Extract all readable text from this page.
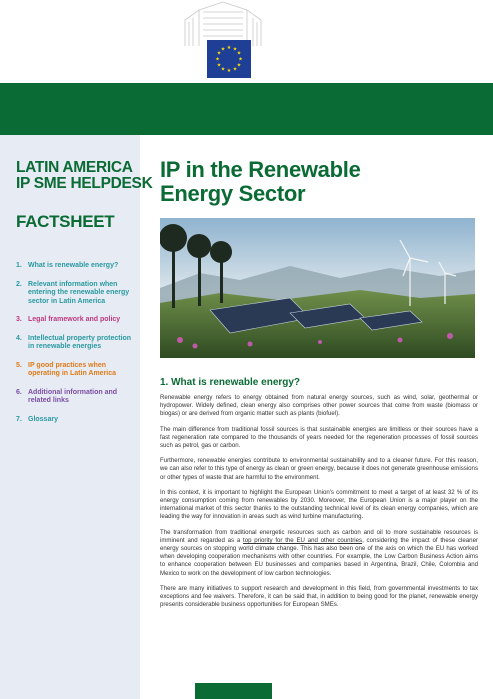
★ ★
★
★
★
★
★
★
★
★
★
★

LATIN AMERICA
IP SME HELPDESK
FACTSHEET
1. What is renewable energy?
2. Relevant information when entering the renewable energy sector in Latin America
3. Legal framework and policy
4. Intellectual property protection in renewable energies
5. IP good practices when operating in Latin America
6. Additional information and related links
7. Glossary
IP in the Renewable
Energy Sector
1. What is renewable energy?

Renewable energy refers to energy obtained from natural energy sources, such as wind, solar, geothermal or hydropower. Widely defined, clean energy also comprises other power sources that come from waste (biomass or biogas) or are derived from organic matter such as plants (biofuel).

The main difference from traditional fossil sources is that sustainable energies are limitless or their sources have a fast regeneration rate compared to the thousands of years needed for the regeneration processes of fossil sources such as petrol, gas or carbon.

Furthermore, renewable energies contribute to environmental sustainability and to a cleaner future. For this reason, we can also refer to this type of energy as clean or green energy, because it does not generate greenhouse emissions or other types of waste that are harmful to the environment.

In this context, it is important to highlight the European Union's commitment to meet a target of at least 32 % of its energy consumption coming from renewables by 2030. Moreover, the European Union is a major player on the international market of this sector thanks to the outstanding technical level of its clean energy companies, which are leading the way for innovation in areas such as wind turbine manufacturing.

The transformation from traditional energetic resources such as carbon and oil to more sustainable resources is imminent and regarded as a top priority for the EU and other countries, considering the impact of these cleaner energy sources on stopping world climate change. This has also been one of the axis on which the EU has worked when developing cooperation mechanisms with other countries. For example, the Low Carbon Business Action aims to enhance cooperation between EU businesses and companies based in Argentina, Brazil, Chile, Colombia and Mexico to work on the development of low carbon technologies.

There are many initiatives to support research and development in this field, from governmental investments to tax exceptions and fee waivers. Therefore, it can be said that, in addition to being good for the planet, renewable energy presents considerable business opportunities for European SMEs.
